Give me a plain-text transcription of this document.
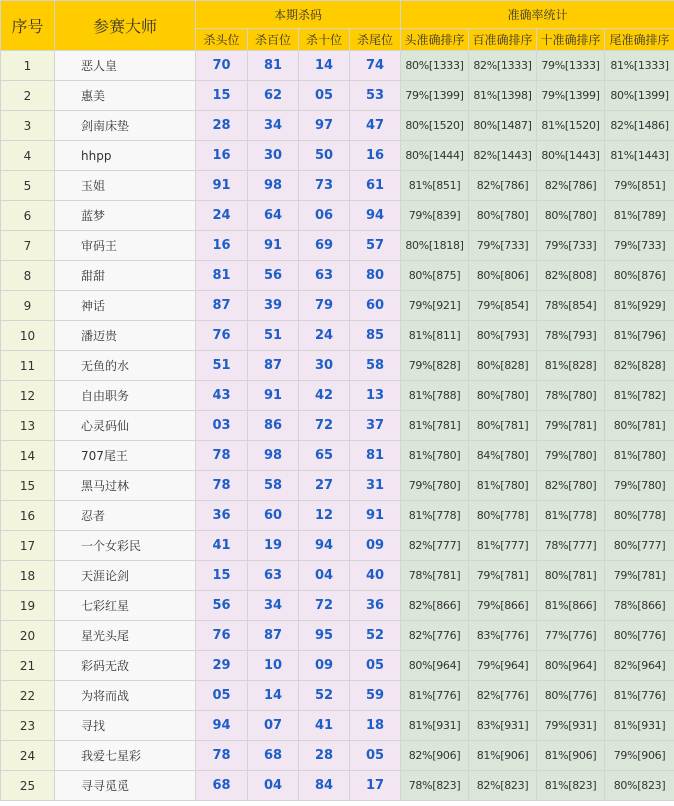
序号	参赛大师	本期杀码				准确率统计			
		杀头位	杀百位	杀十位	杀尾位	头准确排序	百准确排序	十准确排序	尾准确排序
1	恶人皇	70	81	14	74	80%[1333]	82%[1333]	79%[1333]	81%[1333]
2	惠美	15	62	05	53	79%[1399]	81%[1398]	79%[1399]	80%[1399]
3	剑南床垫	28	34	97	47	80%[1520]	80%[1487]	81%[1520]	82%[1486]
4	hhpp	16	30	50	16	80%[1444]	82%[1443]	80%[1443]	81%[1443]
5	玉姐	91	98	73	61	81%[851]	82%[786]	82%[786]	79%[851]
6	蓝梦	24	64	06	94	79%[839]	80%[780]	80%[780]	81%[789]
7	审码王	16	91	69	57	80%[1818]	79%[733]	79%[733]	79%[733]
8	甜甜	81	56	63	80	80%[875]	80%[806]	82%[808]	80%[876]
9	神话	87	39	79	60	79%[921]	79%[854]	78%[854]	81%[929]
10	潘迈贵	76	51	24	85	81%[811]	80%[793]	78%[793]	81%[796]
11	无鱼的水	51	87	30	58	79%[828]	80%[828]	81%[828]	82%[828]
12	自由职务	43	91	42	13	81%[788]	80%[780]	78%[780]	81%[782]
13	心灵码仙	03	86	72	37	81%[781]	80%[781]	79%[781]	80%[781]
14	707尾王	78	98	65	81	81%[780]	84%[780]	79%[780]	81%[780]
15	黑马过林	78	58	27	31	79%[780]	81%[780]	82%[780]	79%[780]
16	忍者	36	60	12	91	81%[778]	80%[778]	81%[778]	80%[778]
17	一个女彩民	41	19	94	09	82%[777]	81%[777]	78%[777]	80%[777]
18	天涯论剑	15	63	04	40	78%[781]	79%[781]	80%[781]	79%[781]
19	七彩红星	56	34	72	36	82%[866]	79%[866]	81%[866]	78%[866]
20	星光头尾	76	87	95	52	82%[776]	83%[776]	77%[776]	80%[776]
21	彩码无敌	29	10	09	05	80%[964]	79%[964]	80%[964]	82%[964]
22	为将而战	05	14	52	59	81%[776]	82%[776]	80%[776]	81%[776]
23	寻找	94	07	41	18	81%[931]	83%[931]	79%[931]	81%[931]
24	我爱七星彩	78	68	28	05	82%[906]	81%[906]	81%[906]	79%[906]
25	寻寻觅觅	68	04	84	17	78%[823]	82%[823]	81%[823]	80%[823]
